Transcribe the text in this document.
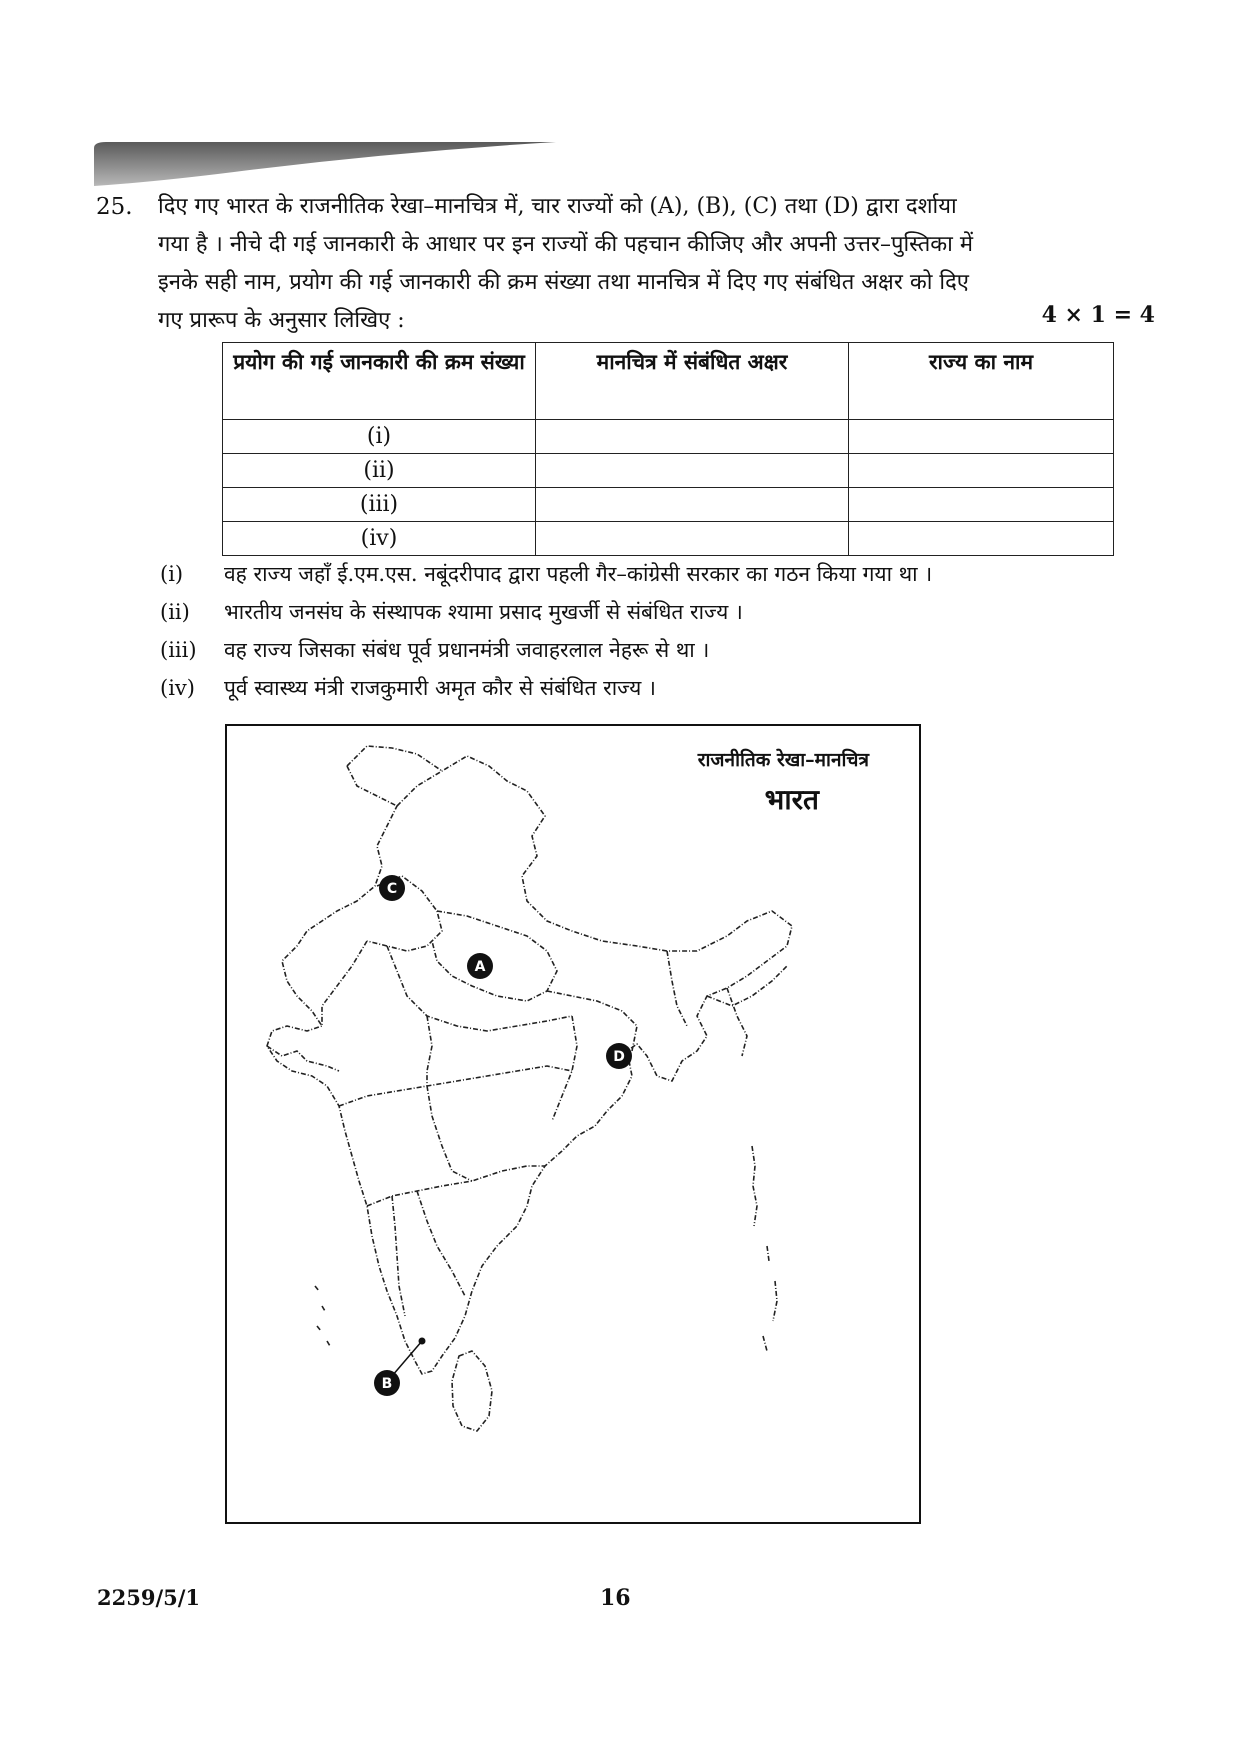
25. दिए गए भारत के राजनीतिक रेखा–मानचित्र में, चार राज्यों को (A), (B), (C) तथा (D) द्वारा दर्शाया
गया है । नीचे दी गई जानकारी के आधार पर इन राज्यों की पहचान कीजिए और अपनी उत्तर–पुस्तिका में
इनके सही नाम, प्रयोग की गई जानकारी की क्रम संख्या तथा मानचित्र में दिए गए संबंधित अक्षर को दिए
गए प्रारूप के अनुसार लिखिए :	4 × 1 = 4
प्रयोग की गई जानकारी की क्रम संख्या	मानचित्र में संबंधित अक्षर	राज्य का नाम
(i)		
(ii)		
(iii)		
(iv)		
(i) वह राज्य जहाँ ई.एम.एस. नबूंदरीपाद द्वारा पहली गैर–कांग्रेसी सरकार का गठन किया गया था ।
(ii) भारतीय जनसंघ के संस्थापक श्यामा प्रसाद मुखर्जी से संबंधित राज्य ।
(iii) वह राज्य जिसका संबंध पूर्व प्रधानमंत्री जवाहरलाल नेहरू से था ।
(iv) पूर्व स्वास्थ्य मंत्री राजकुमारी अमृत कौर से संबंधित राज्य ।
C
A
D
B
राजनीतिक रेखा–मानचित्र
भारत
2259/5/1	16
